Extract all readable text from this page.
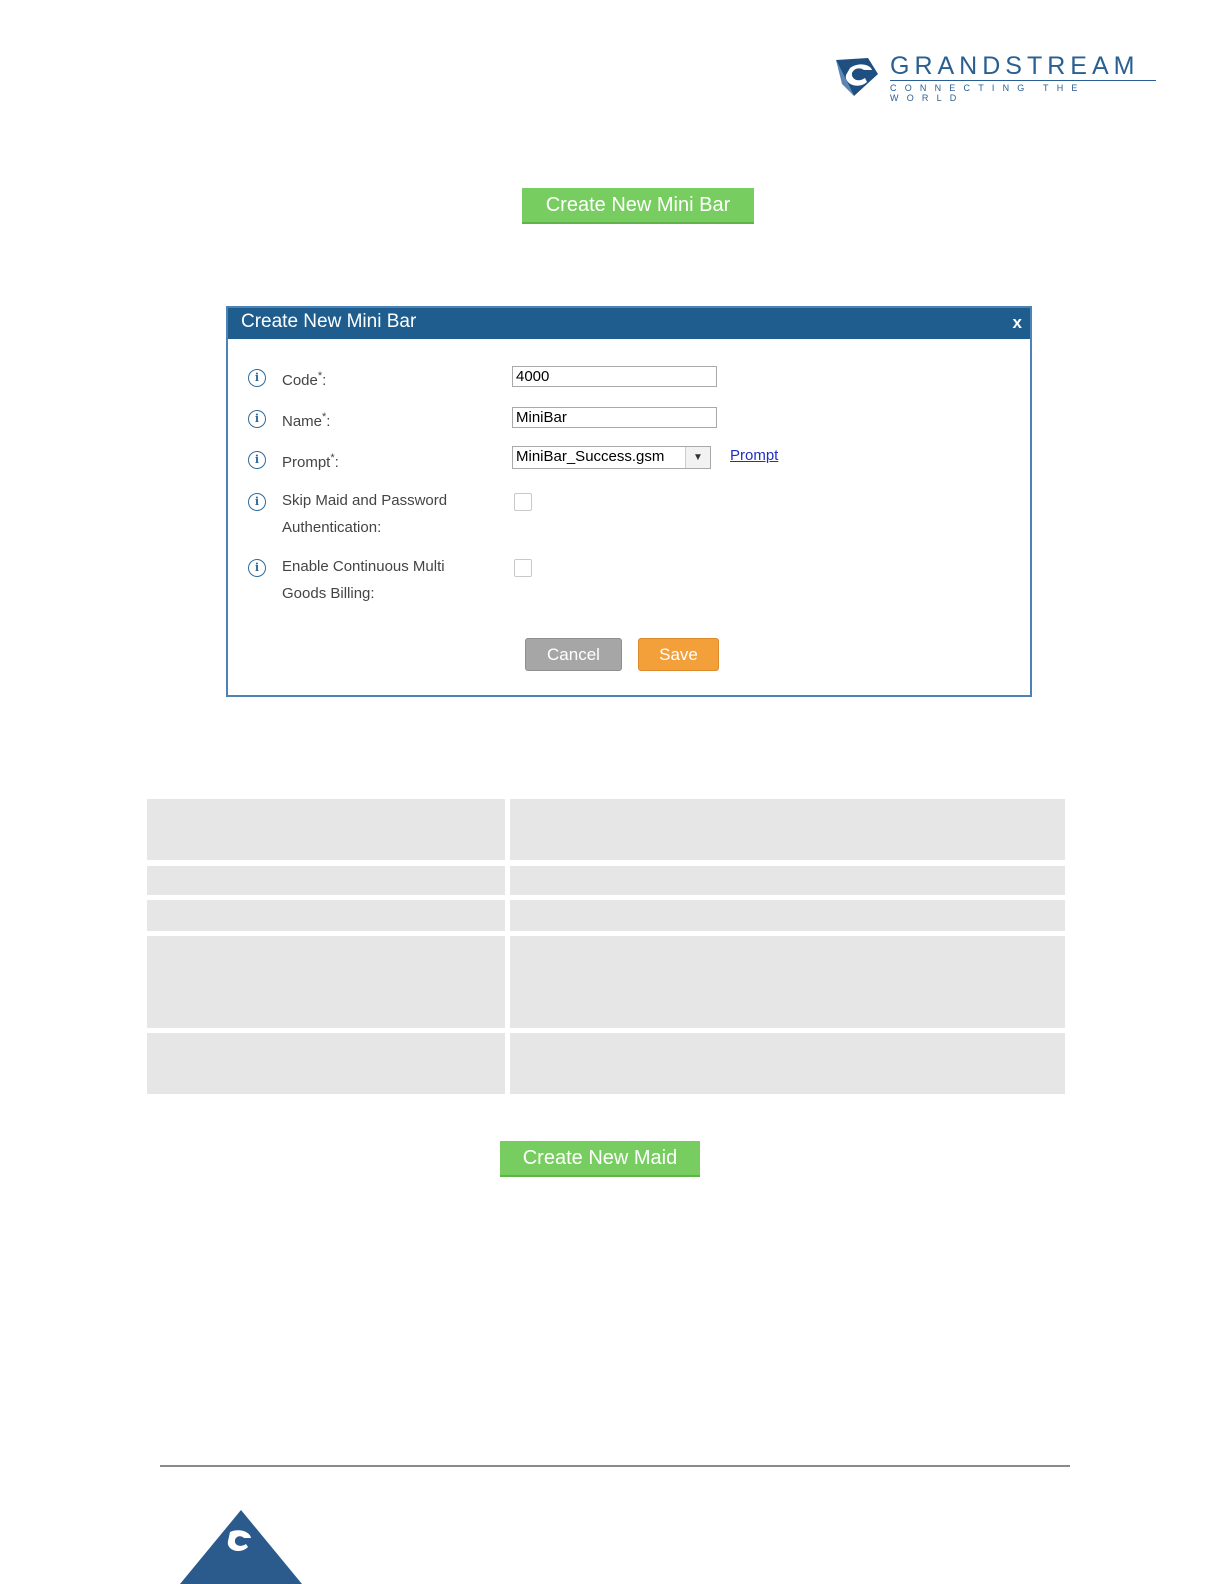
GRANDSTREAM
CONNECTING THE WORLD
Create New Mini Bar
Create New Mini Bar	x
i	Code*:	4000
i	Name*:	MiniBar
i	Prompt*:	MiniBar_Success.gsm	▼	Prompt
i	Skip Maid and Password
Authentication:
i	Enable Continuous Multi
Goods Billing:
Cancel	Save
Create New Maid
